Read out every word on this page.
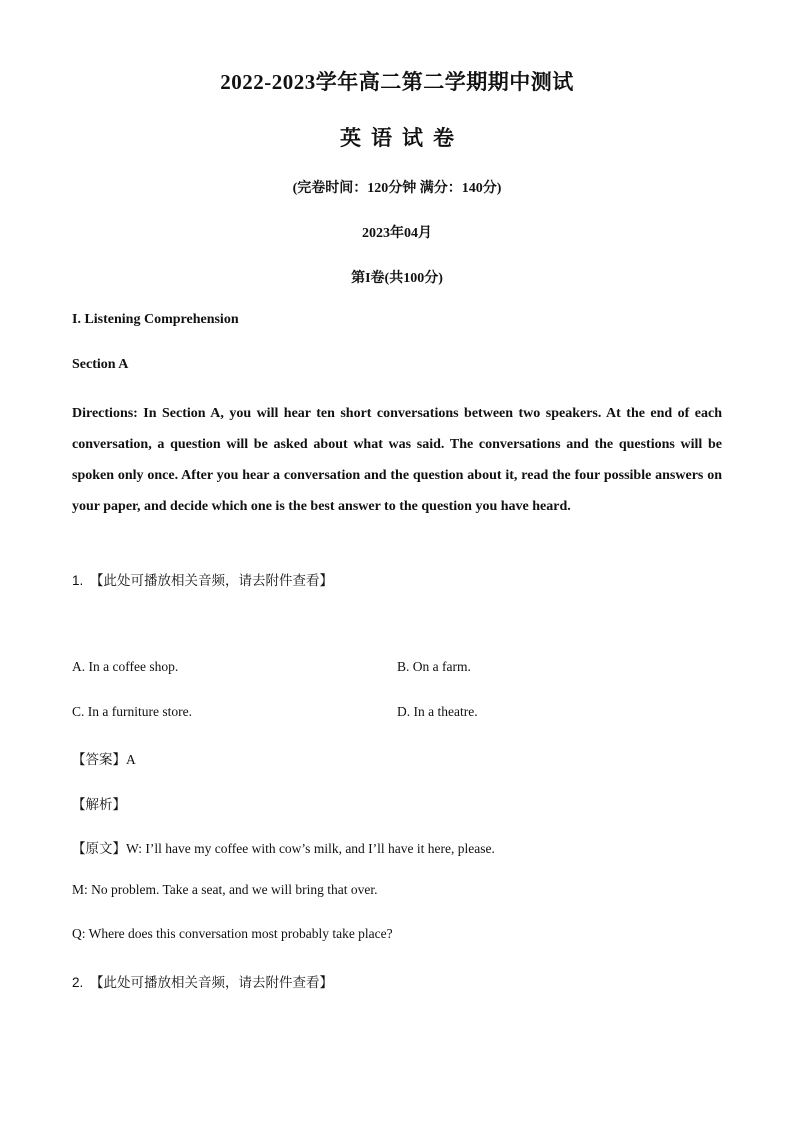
2022-2023学年高二第二学期期中测试
英语试卷
(完卷时间：120分钟 满分：140分)
2023年04月
第I卷(共100分)
I. Listening Comprehension
Section A
Directions: In Section A, you will hear ten short conversations between two speakers. At the end of each conversation, a question will be asked about what was said. The conversations and the questions will be spoken only once. After you hear a conversation and the question about it, read the four possible answers on your paper, and decide which one is the best answer to the question you have heard.
1. 【此处可播放相关音频，请去附件查看】
A. In a coffee shop.	B. On a farm.
C. In a furniture store.	D. In a theatre.
【答案】A
【解析】
【原文】W: I’ll have my coffee with cow’s milk, and I’ll have it here, please.
M: No problem. Take a seat, and we will bring that over.
Q: Where does this conversation most probably take place?
2. 【此处可播放相关音频，请去附件查看】
